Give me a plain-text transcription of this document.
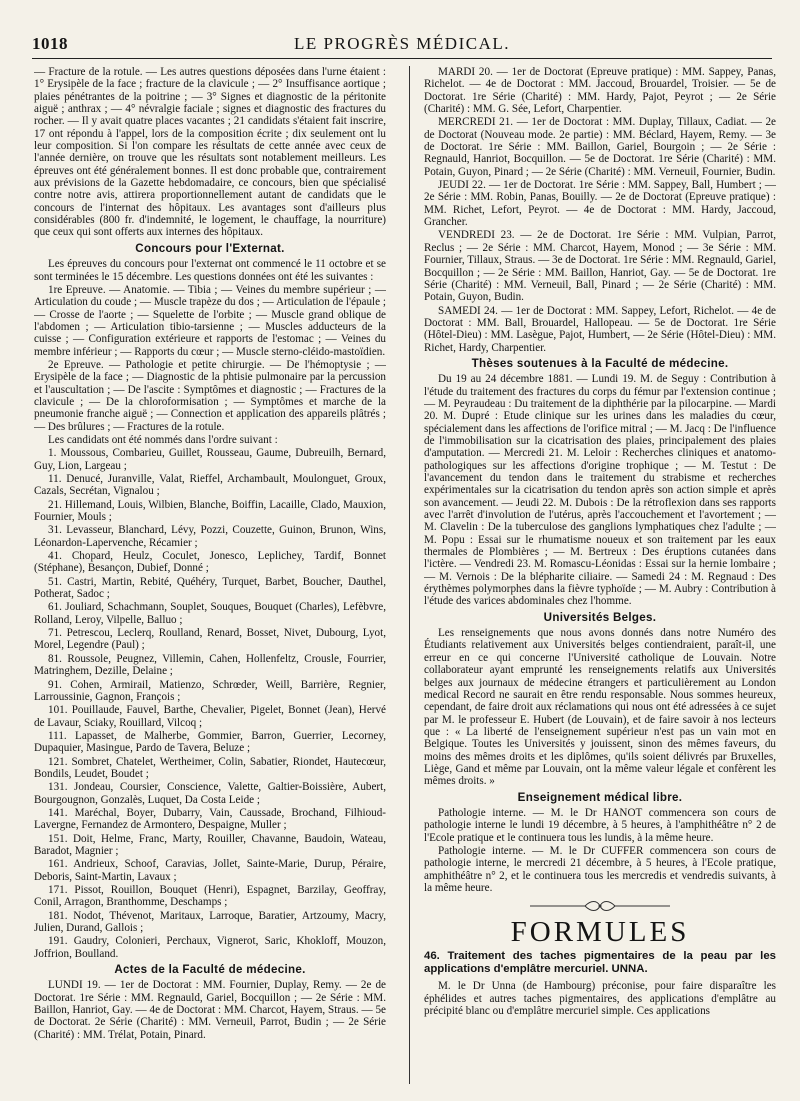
1018	LE PROGRÈS MÉDICAL.

— Fracture de la rotule. — Les autres questions déposées dans l'urne étaient : 1° Erysipèle de la face ; fracture de la clavicule ; — 2° Insuffisance aortique ; plaies pénétrantes de la poitrine ; — 3° Signes et diagnostic de la péritonite aiguë ; anthrax ; — 4° névralgie faciale ; signes et diagnostic des fractures du rocher. — Il y avait quatre places vacantes ; 21 candidats s'étaient fait inscrire, 17 ont répondu à l'appel, lors de la composition écrite ; dix seulement ont lu leur composition. Si l'on compare les résultats de cette année avec ceux de l'année dernière, on trouve que les résultats sont notablement meilleurs. Les épreuves ont été généralement bonnes. Il est donc probable que, contrairement aux prévisions de la Gazette hebdomadaire, ce concours, bien que spécialisé contre notre avis, attirera proportionnellement autant de candidats que le concours de l'internat des hôpitaux. Les avantages sont d'ailleurs plus considérables (800 fr. d'indemnité, le logement, le chauffage, la nourriture) que ceux qui sont offerts aux internes des hôpitaux.

Concours pour l'Externat.

Les épreuves du concours pour l'externat ont commencé le 11 octobre et se sont terminées le 15 décembre. Les questions données ont été les suivantes :

1re Epreuve. — Anatomie. — Tibia ; — Veines du membre supérieur ; — Articulation du coude ; — Muscle trapèze du dos ; — Articulation de l'épaule ; — Crosse de l'aorte ; — Squelette de l'orbite ; — Muscle grand oblique de l'abdomen ; — Articulation tibio-tarsienne ; — Muscles adducteurs de la cuisse ; — Configuration extérieure et rapports de l'estomac ; — Veines du membre inférieur ; — Rapports du cœur ; — Muscle sterno-cléido-mastoïdien.

2e Epreuve. — Pathologie et petite chirurgie. — De l'hémoptysie ; — Erysipèle de la face ; — Diagnostic de la phtisie pulmonaire par la percussion et l'auscultation ; — De l'ascite : Symptômes et diagnostic ; — Fractures de la clavicule ; — De la chloroformisation ; — Symptômes et marche de la pneumonie franche aiguë ; — Connection et application des appareils plâtrés ; — Des brûlures ; — Fractures de la rotule.

Les candidats ont été nommés dans l'ordre suivant :

1. Moussous, Combarieu, Guillet, Rousseau, Gaume, Dubreuilh, Bernard, Guy, Lion, Largeau ;

11. Denucé, Juranville, Valat, Rieffel, Archambault, Moulonguet, Groux, Cazals, Secrétan, Vignalou ;

21. Hillemand, Louis, Wilbien, Blanche, Boiffin, Lacaille, Clado, Mauxion, Fournier, Mouls ;

31. Levasseur, Blanchard, Lévy, Pozzi, Couzette, Guinon, Brunon, Wins, Léonardon-Lapervenche, Récamier ;

41. Chopard, Heulz, Coculet, Jonesco, Leplichey, Tardif, Bonnet (Stéphane), Besançon, Dubief, Donné ;

51. Castri, Martin, Rebité, Quéhéry, Turquet, Barbet, Boucher, Dauthel, Potherat, Sadoc ;

61. Jouliard, Schachmann, Souplet, Souques, Bouquet (Charles), Lefèbvre, Rolland, Leroy, Vilpelle, Balluo ;

71. Petrescou, Leclerq, Roulland, Renard, Bosset, Nivet, Dubourg, Lyot, Morel, Legendre (Paul) ;

81. Roussole, Peugnez, Villemin, Cahen, Hollenfeltz, Crousle, Fourrier, Matringhem, Dezille, Delaine ;

91. Cohen, Armirail, Matienzo, Schrœder, Weill, Barrière, Regnier, Larroussinie, Gagnon, François ;

101. Pouillaude, Fauvel, Barthe, Chevalier, Pigelet, Bonnet (Jean), Hervé de Lavaur, Sciaky, Rouillard, Vilcoq ;

111. Lapasset, de Malherbe, Gommier, Barron, Guerrier, Lecorney, Dupaquier, Masingue, Pardo de Tavera, Beluze ;

121. Sombret, Chatelet, Wertheimer, Colin, Sabatier, Riondet, Hautecœur, Bondils, Leudet, Boudet ;

131. Jondeau, Coursier, Conscience, Valette, Galtier-Boissière, Aubert, Bourgougnon, Gonzalès, Luquet, Da Costa Leide ;

141. Maréchal, Boyer, Dubarry, Vain, Caussade, Brochand, Filhioud-Lavergne, Fernandez de Armontero, Despaigne, Muller ;

151. Doit, Helme, Franc, Marty, Rouiller, Chavanne, Baudoin, Wateau, Baradot, Magnier ;

161. Andrieux, Schoof, Caravias, Jollet, Sainte-Marie, Durup, Péraire, Deboris, Saint-Martin, Lavaux ;

171. Pissot, Rouillon, Bouquet (Henri), Espagnet, Barzilay, Geoffray, Conil, Arragon, Branthomme, Deschamps ;

181. Nodot, Thévenot, Maritaux, Larroque, Baratier, Artzoumy, Macry, Julien, Durand, Gallois ;

191. Gaudry, Colonieri, Perchaux, Vignerot, Saric, Khokloff, Mouzon, Joffrion, Boulland.

Actes de la Faculté de médecine.

LUNDI 19. — 1er de Doctorat : MM. Fournier, Duplay, Remy. — 2e de Doctorat. 1re Série : MM. Regnauld, Gariel, Bocquillon ; — 2e Série : MM. Baillon, Hanriot, Gay. — 4e de Doctorat : MM. Charcot, Hayem, Straus. — 5e de Doctorat. 2e Série (Charité) : MM. Verneuil, Parrot, Budin ; — 2e Série (Charité) : MM. Trélat, Potain, Pinard.

MARDI 20. — 1er de Doctorat (Epreuve pratique) : MM. Sappey, Panas, Richelot. — 4e de Doctorat : MM. Jaccoud, Brouardel, Troisier. — 5e de Doctorat. 1re Série (Charité) : MM. Hardy, Pajot, Peyrot ; — 2e Série (Charité) : MM. G. Sée, Lefort, Charpentier.

MERCREDI 21. — 1er de Doctorat : MM. Duplay, Tillaux, Cadiat. — 2e de Doctorat (Nouveau mode. 2e partie) : MM. Béclard, Hayem, Remy. — 3e de Doctorat. 1re Série : MM. Baillon, Gariel, Bourgoin ; — 2e Série : Regnauld, Hanriot, Bocquillon. — 5e de Doctorat. 1re Série (Charité) : MM. Potain, Guyon, Pinard ; — 2e Série (Charité) : MM. Verneuil, Fournier, Budin.

JEUDI 22. — 1er de Doctorat. 1re Série : MM. Sappey, Ball, Humbert ; — 2e Série : MM. Robin, Panas, Bouilly. — 2e de Doctorat (Epreuve pratique) : MM. Richet, Lefort, Peyrot. — 4e de Doctorat : MM. Hardy, Jaccoud, Grancher.

VENDREDI 23. — 2e de Doctorat. 1re Série : MM. Vulpian, Parrot, Reclus ; — 2e Série : MM. Charcot, Hayem, Monod ; — 3e Série : MM. Fournier, Tillaux, Straus. — 3e de Doctorat. 1re Série : MM. Regnauld, Gariel, Bocquillon ; — 2e Série : MM. Baillon, Hanriot, Gay. — 5e de Doctorat. 1re Série (Charité) : MM. Verneuil, Ball, Pinard ; — 2e Série (Charité) : MM. Potain, Guyon, Budin.

SAMEDI 24. — 1er de Doctorat : MM. Sappey, Lefort, Richelot. — 4e de Doctorat : MM. Ball, Brouardel, Hallopeau. — 5e de Doctorat. 1re Série (Hôtel-Dieu) : MM. Lasègue, Pajot, Humbert, — 2e Série (Hôtel-Dieu) : MM. Richet, Hardy, Charpentier.

Thèses soutenues à la Faculté de médecine.

Du 19 au 24 décembre 1881. — Lundi 19. M. de Seguy : Contribution à l'étude du traitement des fractures du corps du fémur par l'extension continue ; — M. Peyraudeau : Du traitement de la diphthérie par la pilocarpine. — Mardi 20. M. Dupré : Etude clinique sur les urines dans les maladies du cœur, spécialement dans les affections de l'orifice mitral ; — M. Jacq : De l'influence de l'immobilisation sur la cicatrisation des plaies, principalement des plaies d'amputation. — Mercredi 21. M. Leloir : Recherches cliniques et anatomo-pathologiques sur les affections d'origine trophique ; — M. Testut : De l'avancement du tendon dans le traitement du strabisme et recherches expérimentales sur la cicatrisation du tendon après son action simple et après son avancement. — Jeudi 22. M. Dubois : De la rétroflexion dans ses rapports avec l'arrêt d'involution de l'utérus, après l'accouchement et l'avortement ; — M. Clavelin : De la tuberculose des ganglions lymphatiques chez l'adulte ; — M. Popu : Essai sur le rhumatisme noueux et son traitement par les eaux thermales de Plombières ; — M. Bertreux : Des éruptions cutanées dans l'ictère. — Vendredi 23. M. Romascu-Léonidas : Essai sur la hernie lombaire ; — M. Vernois : De la blépharite ciliaire. — Samedi 24 : M. Regnaud : Des érythèmes polymorphes dans la fièvre typhoïde ; — M. Aubry : Contribution à l'étude des varices abdominales chez l'homme.

Universités Belges.

Les renseignements que nous avons donnés dans notre Numéro des Étudiants relativement aux Universités belges contiendraient, paraît-il, une erreur en ce qui concerne l'Université catholique de Louvain. Notre collaborateur ayant emprunté les renseignements relatifs aux Universités belges aux journaux de médecine étrangers et particulièrement au London medical Record ne saurait en être rendu responsable. Nous sommes heureux, cependant, de faire droit aux réclamations qui nous ont été adressées à ce sujet par M. le professeur E. Hubert (de Louvain), et de faire savoir à nos lecteurs que : « La liberté de l'enseignement supérieur n'est pas un vain mot en Belgique. Toutes les Universités y jouissent, sinon des mêmes faveurs, du moins des mêmes droits et les diplômes, qu'ils soient délivrés par Bruxelles, Liège, Gand et même par Louvain, ont la même valeur légale et confèrent les mêmes droits. »

Enseignement médical libre.

Pathologie interne. — M. le Dr HANOT commencera son cours de pathologie interne le lundi 19 décembre, à 5 heures, à l'amphithéâtre n° 2 de l'Ecole pratique et le continuera tous les lundis, à la même heure.

Pathologie interne. — M. le Dr CUFFER commencera son cours de pathologie interne, le mercredi 21 décembre, à 5 heures, à l'Ecole pratique, amphithéâtre n° 2, et le continuera tous les mercredis et vendredis suivants, à la même heure.

FORMULES
46. Traitement des taches pigmentaires de la peau par les applications d'emplâtre mercuriel. UNNA.

M. le Dr Unna (de Hambourg) préconise, pour faire disparaître les éphélides et autres taches pigmentaires, des applications d'emplâtre au précipité blanc ou d'emplâtre mercuriel simple. Ces applications
